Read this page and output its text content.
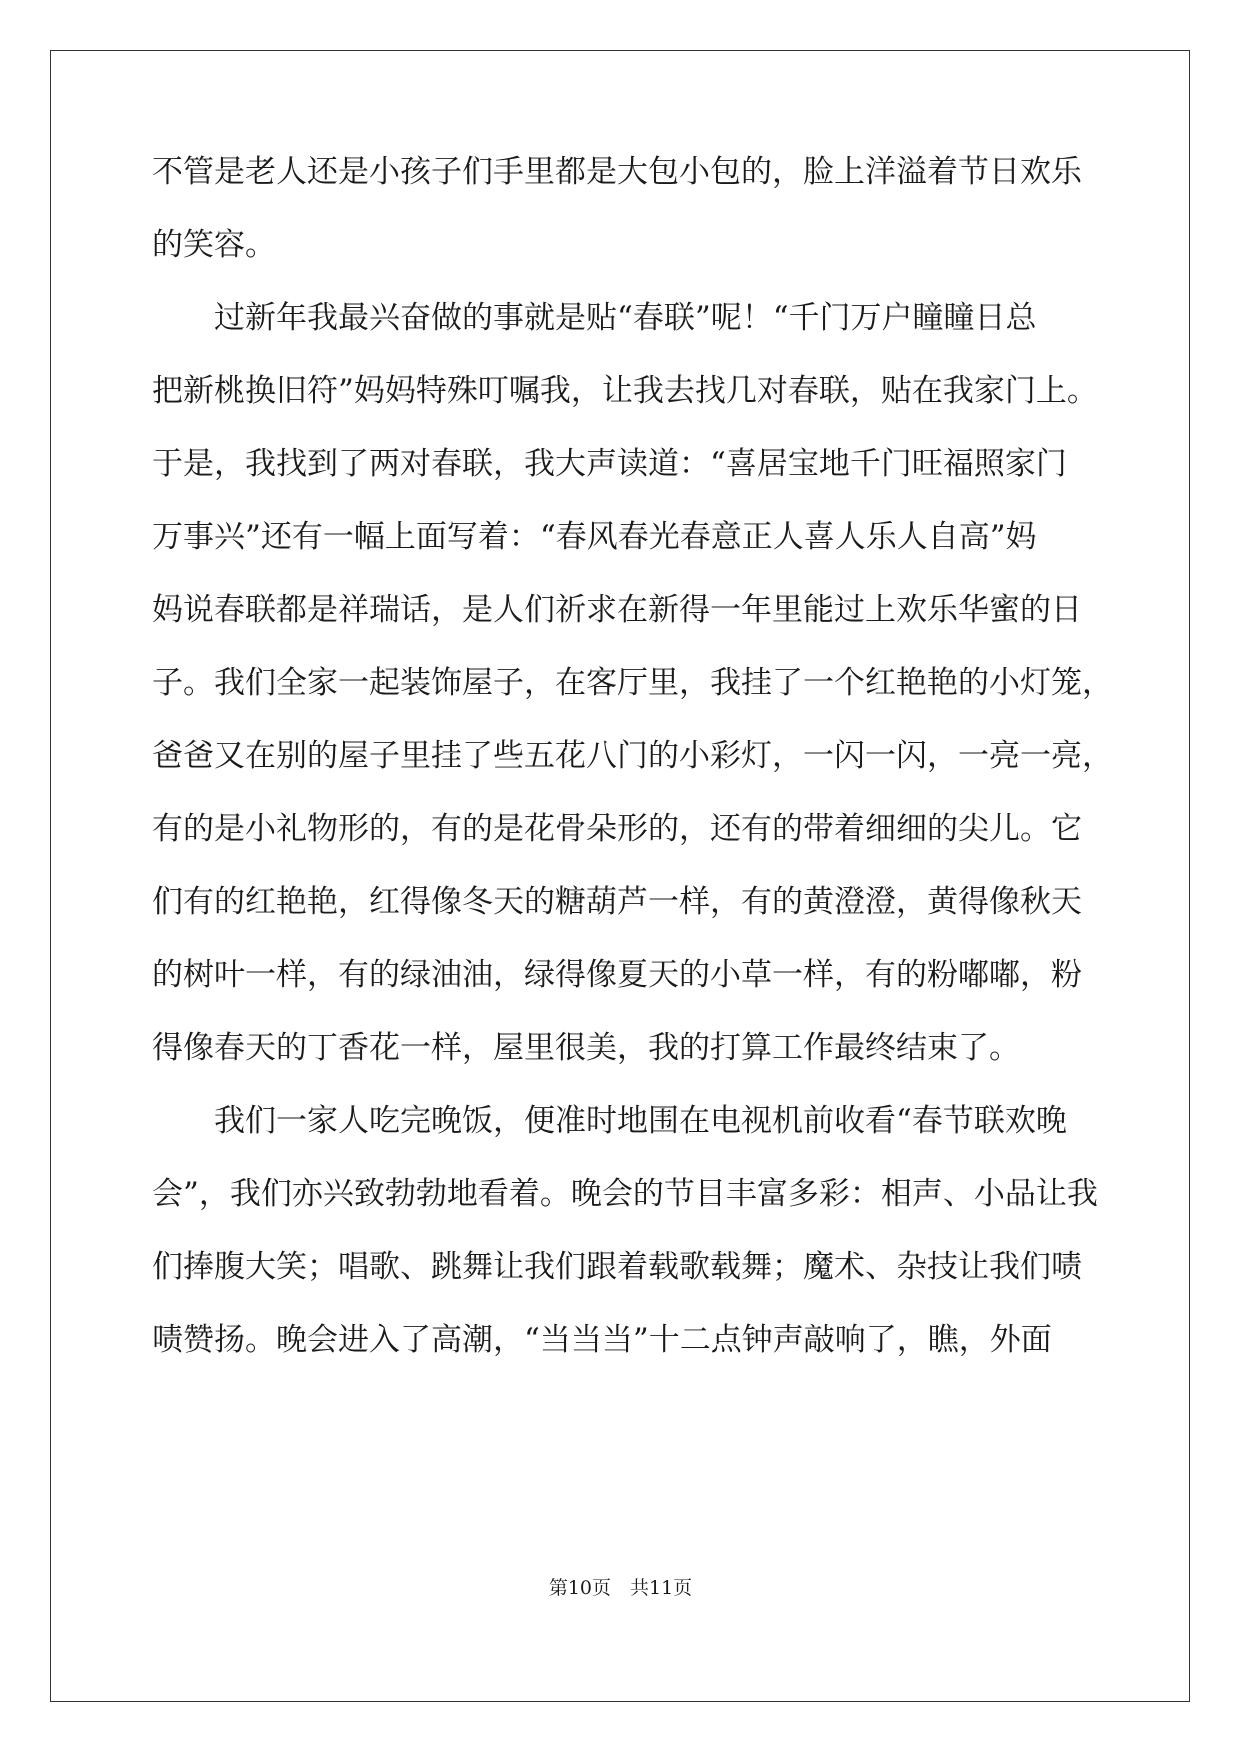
不管是老人还是小孩子们手里都是大包小包的，脸上洋溢着节日欢乐
的笑容。
　　过新年我最兴奋做的事就是贴“春联”呢！“千门万户瞳瞳日总
把新桃换旧符”妈妈特殊叮嘱我，让我去找几对春联，贴在我家门上。
于是，我找到了两对春联，我大声读道：“喜居宝地千门旺福照家门
万事兴”还有一幅上面写着：“春风春光春意正人喜人乐人自高”妈
妈说春联都是祥瑞话，是人们祈求在新得一年里能过上欢乐华蜜的日
子。我们全家一起装饰屋子，在客厅里，我挂了一个红艳艳的小灯笼，
爸爸又在别的屋子里挂了些五花八门的小彩灯，一闪一闪，一亮一亮，
有的是小礼物形的，有的是花骨朵形的，还有的带着细细的尖儿。它
们有的红艳艳，红得像冬天的糖葫芦一样，有的黄澄澄，黄得像秋天
的树叶一样，有的绿油油，绿得像夏天的小草一样，有的粉嘟嘟，粉
得像春天的丁香花一样，屋里很美，我的打算工作最终结束了。
　　我们一家人吃完晚饭，便准时地围在电视机前收看“春节联欢晚
会”，我们亦兴致勃勃地看着。晚会的节目丰富多彩：相声、小品让我
们捧腹大笑；唱歌、跳舞让我们跟着载歌载舞；魔术、杂技让我们啧
啧赞扬。晚会进入了高潮，“当当当”十二点钟声敲响了，瞧，外面
第10页　共11页
